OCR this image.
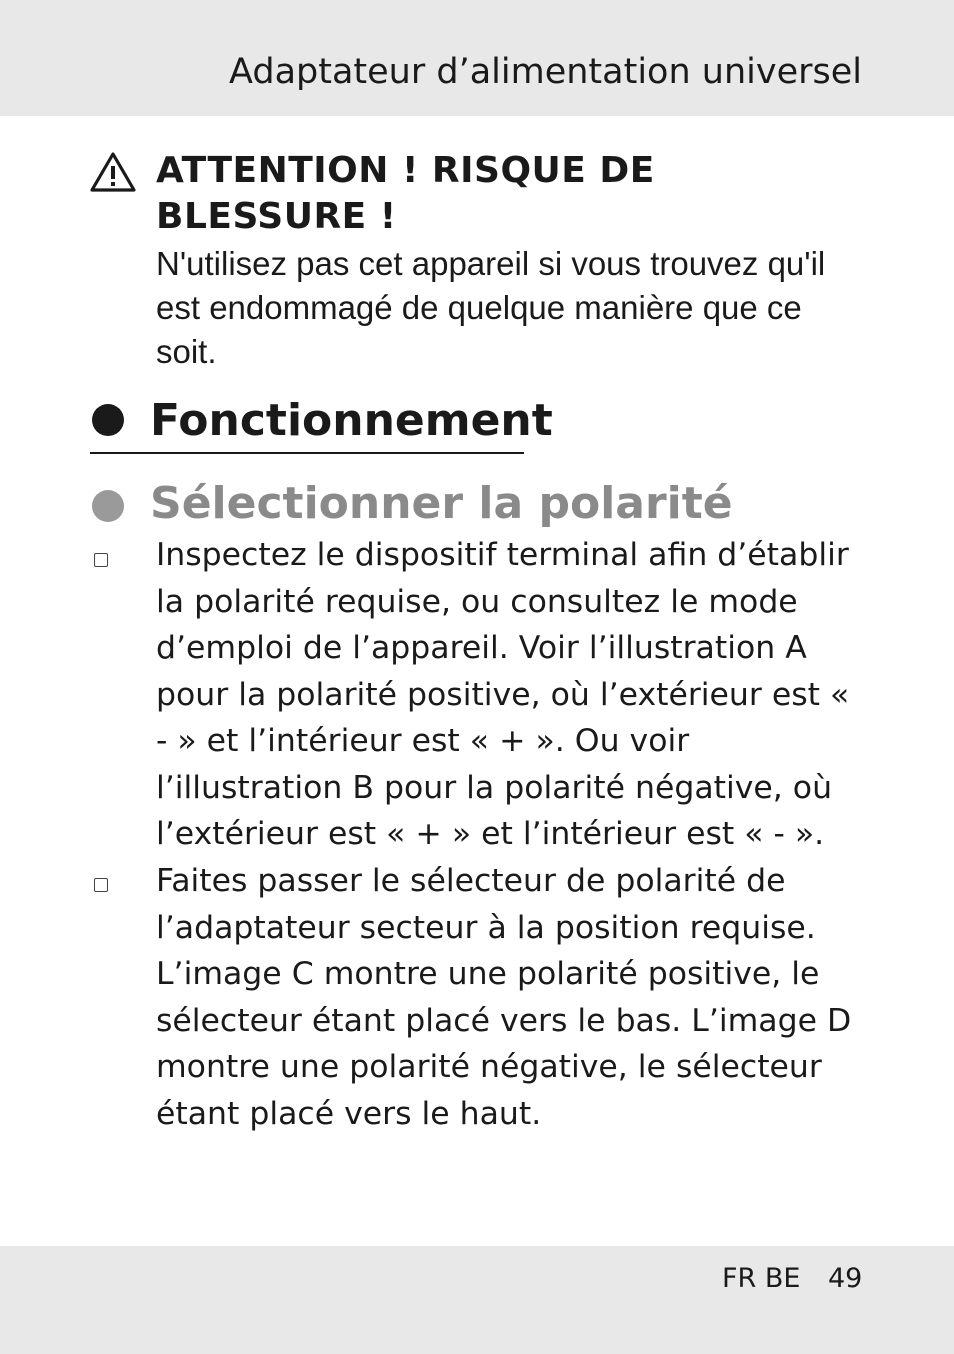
Adaptateur d’alimentation universel
ATTENTION ! RISQUE DE BLESSURE !
N'utilisez pas cet appareil si vous trouvez qu'il est endommagé de quelque manière que ce soit.
Fonctionnement
Sélectionner la polarité
Inspectez le dispositif terminal afin d’établir la polarité requise, ou consultez le mode d’emploi de l’appareil. Voir l’illustration A pour la polarité positive, où l’extérieur est « - » et l’intérieur est « + ». Ou voir l’illustration B pour la polarité négative, où l’extérieur est « + » et l’intérieur est « - ».
Faites passer le sélecteur de polarité de l’adaptateur secteur à la position requise. L’image C montre une polarité positive, le sélecteur étant placé vers le bas. L’image D montre une polarité négative, le sélecteur étant placé vers le haut.
FR BE 49
